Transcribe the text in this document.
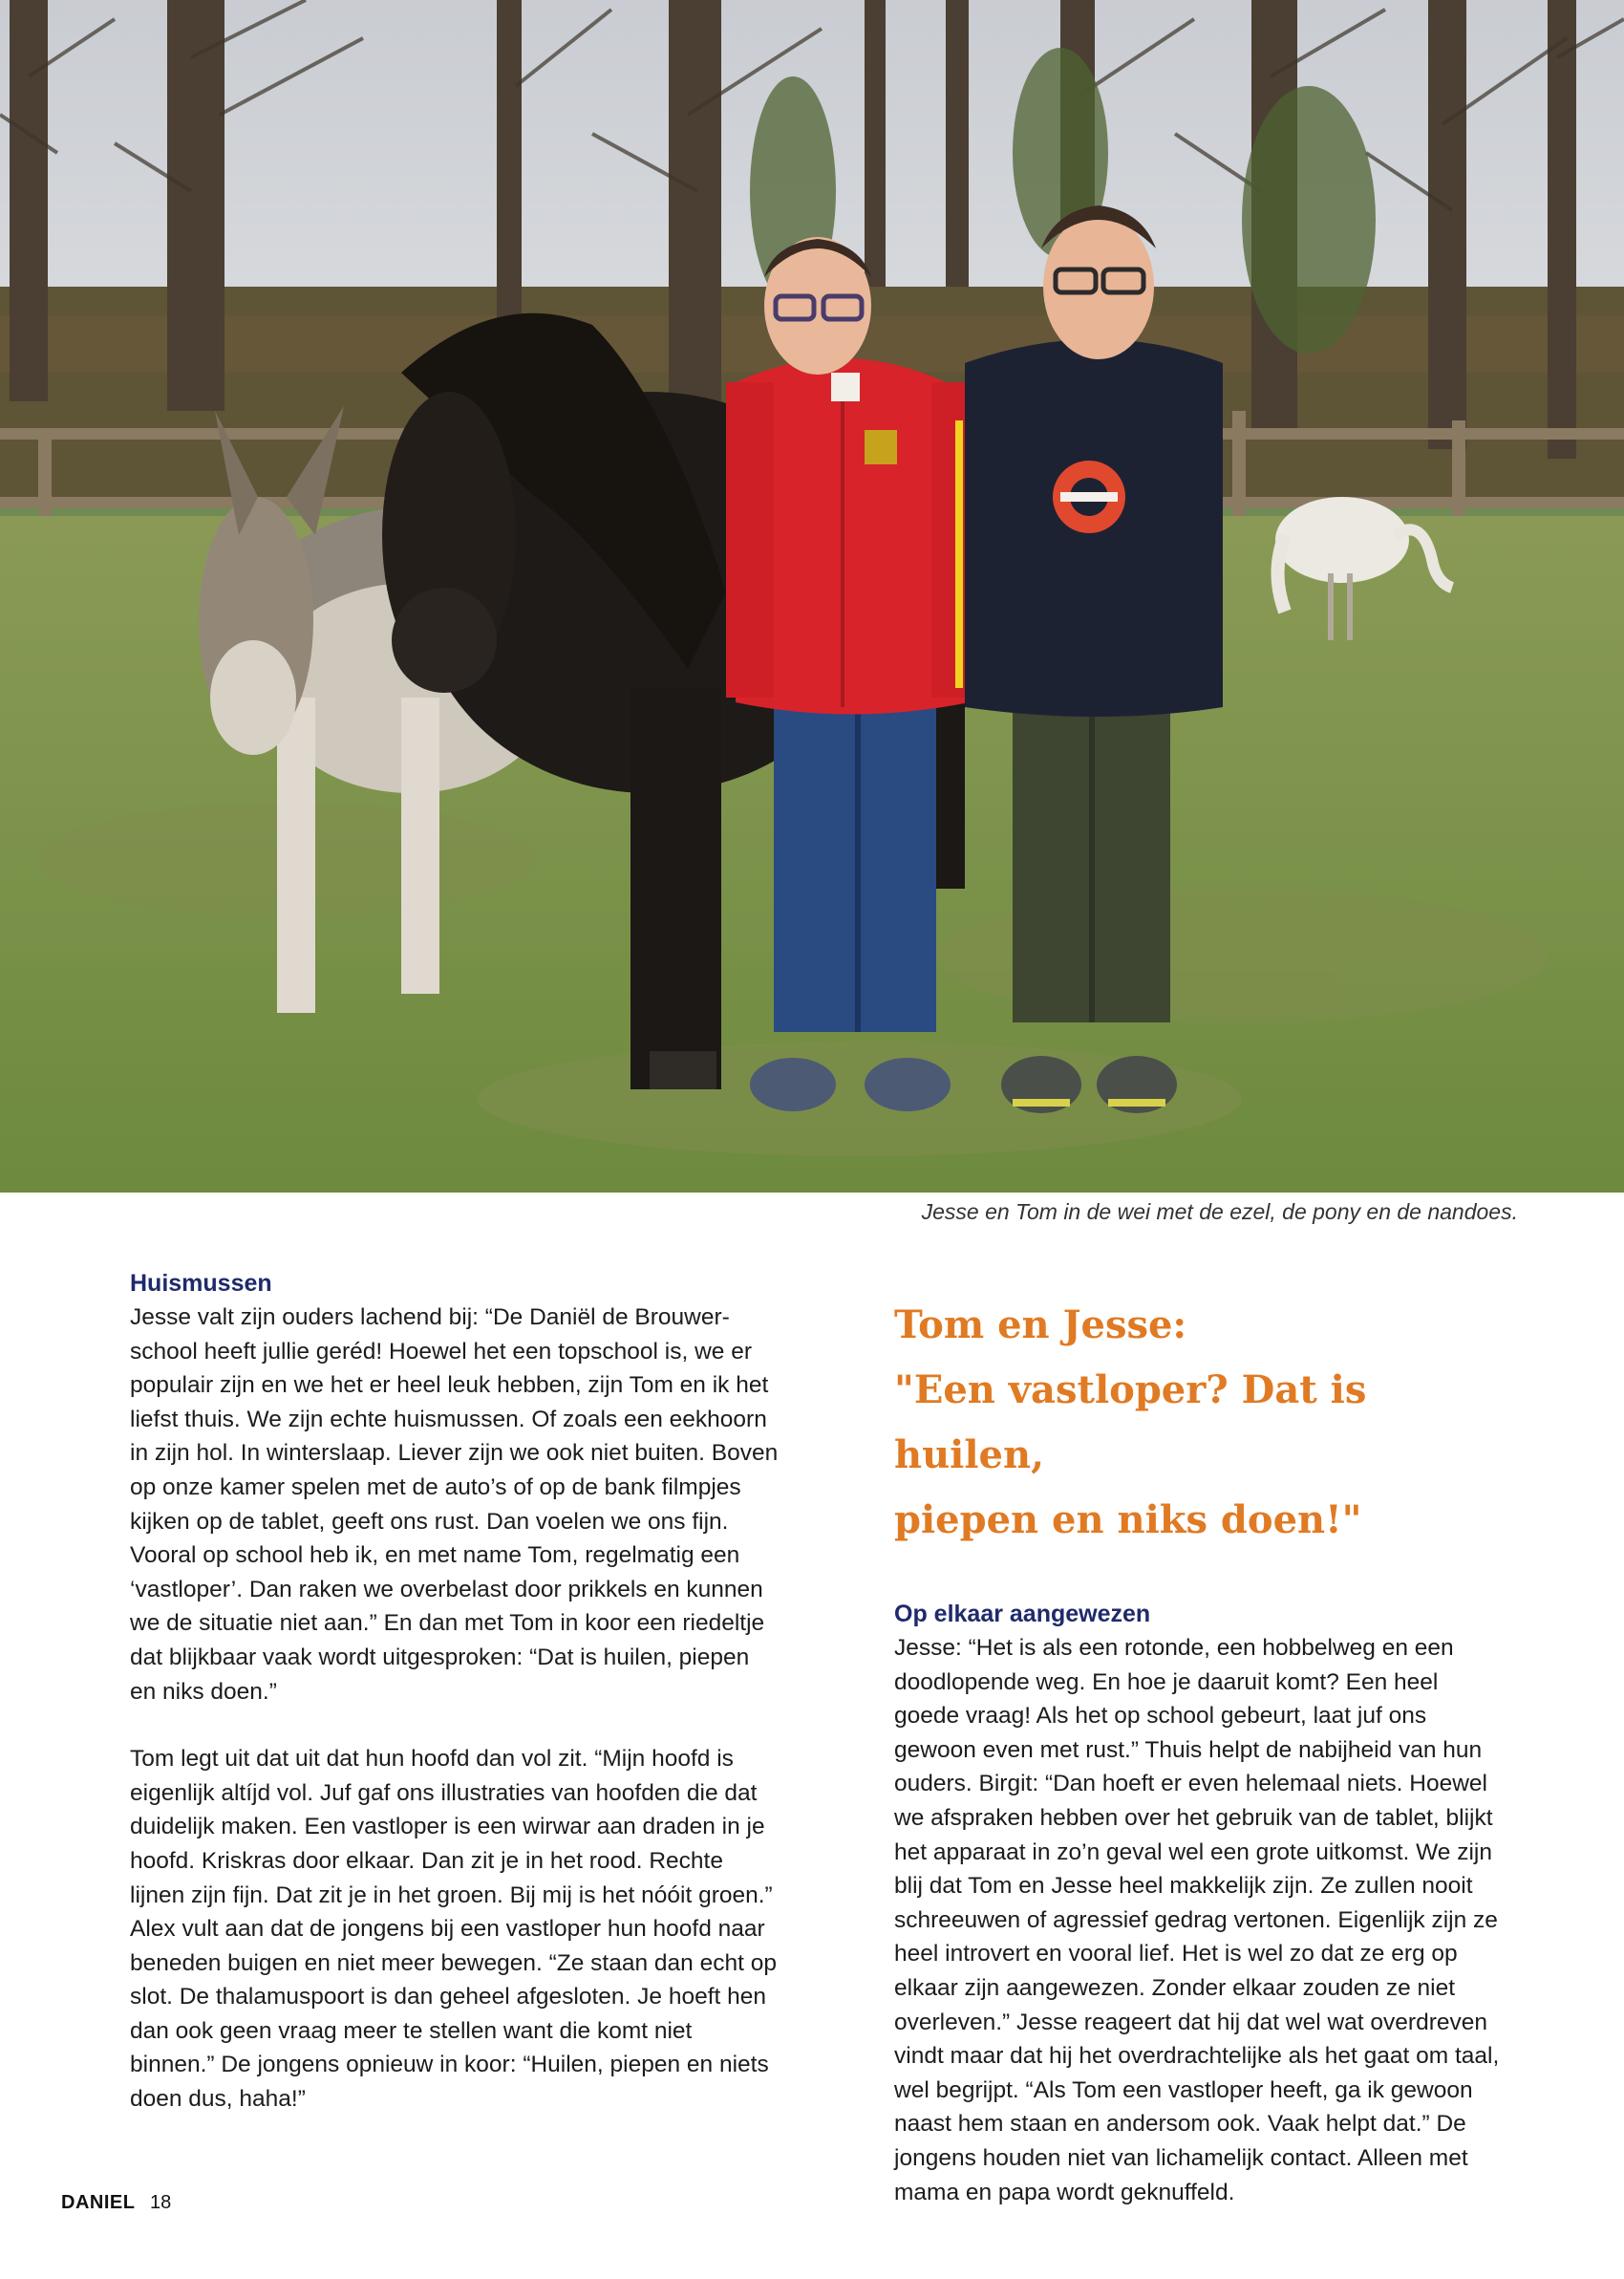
Jesse en Tom in de wei met de ezel, de pony en de nandoes.
Huismussen

Jesse valt zijn ouders lachend bij: “De Daniël de Brouwer-school heeft jullie geréd! Hoewel het een topschool is, we er populair zijn en we het er heel leuk hebben, zijn Tom en ik het liefst thuis. We zijn echte huismussen. Of zoals een eekhoorn in zijn hol. In winterslaap. Liever zijn we ook niet buiten. Boven op onze kamer spelen met de auto’s of op de bank filmpjes kijken op de tablet, geeft ons rust. Dan voelen we ons fijn. Vooral op school heb ik, en met name Tom, regelmatig een ‘vastloper’. Dan raken we overbelast door prikkels en kunnen we de situatie niet aan.” En dan met Tom in koor een riedeltje dat blijkbaar vaak wordt uitgesproken: “Dat is huilen, piepen en niks doen.”

Tom legt uit dat uit dat hun hoofd dan vol zit. “Mijn hoofd is eigenlijk altíjd vol. Juf gaf ons illustraties van hoofden die dat duidelijk maken. Een vastloper is een wirwar aan draden in je hoofd. Kriskras door elkaar. Dan zit je in het rood. Rechte lijnen zijn fijn. Dat zit je in het groen. Bij mij is het nóóit groen.”

Alex vult aan dat de jongens bij een vastloper hun hoofd naar beneden buigen en niet meer bewegen. “Ze staan dan echt op slot. De thalamuspoort is dan geheel afgesloten. Je hoeft hen dan ook geen vraag meer te stellen want die komt niet binnen.” De jongens opnieuw in koor: “Huilen, piepen en niets doen dus, haha!”

Tom en Jesse:
"Een vastloper? Dat is huilen,
piepen en niks doen!"
Op elkaar aangewezen

Jesse: “Het is als een rotonde, een hobbelweg en een doodlopende weg. En hoe je daaruit komt? Een heel goede vraag! Als het op school gebeurt, laat juf ons gewoon even met rust.” Thuis helpt de nabijheid van hun ouders. Birgit: “Dan hoeft er even helemaal niets. Hoewel we afspraken hebben over het gebruik van de tablet, blijkt het apparaat in zo’n geval wel een grote uitkomst. We zijn blij dat Tom en Jesse heel makkelijk zijn. Ze zullen nooit schreeuwen of agressief gedrag vertonen. Eigenlijk zijn ze heel introvert en vooral lief. Het is wel zo dat ze erg op elkaar zijn aangewezen. Zonder elkaar zouden ze niet overleven.” Jesse reageert dat hij dat wel wat overdreven vindt maar dat hij het overdrachtelijke als het gaat om taal, wel begrijpt. “Als Tom een vastloper heeft, ga ik gewoon naast hem staan en andersom ook. Vaak helpt dat.” De jongens houden niet van lichamelijk contact. Alleen met mama en papa wordt geknuffeld.

DANIEL 18
